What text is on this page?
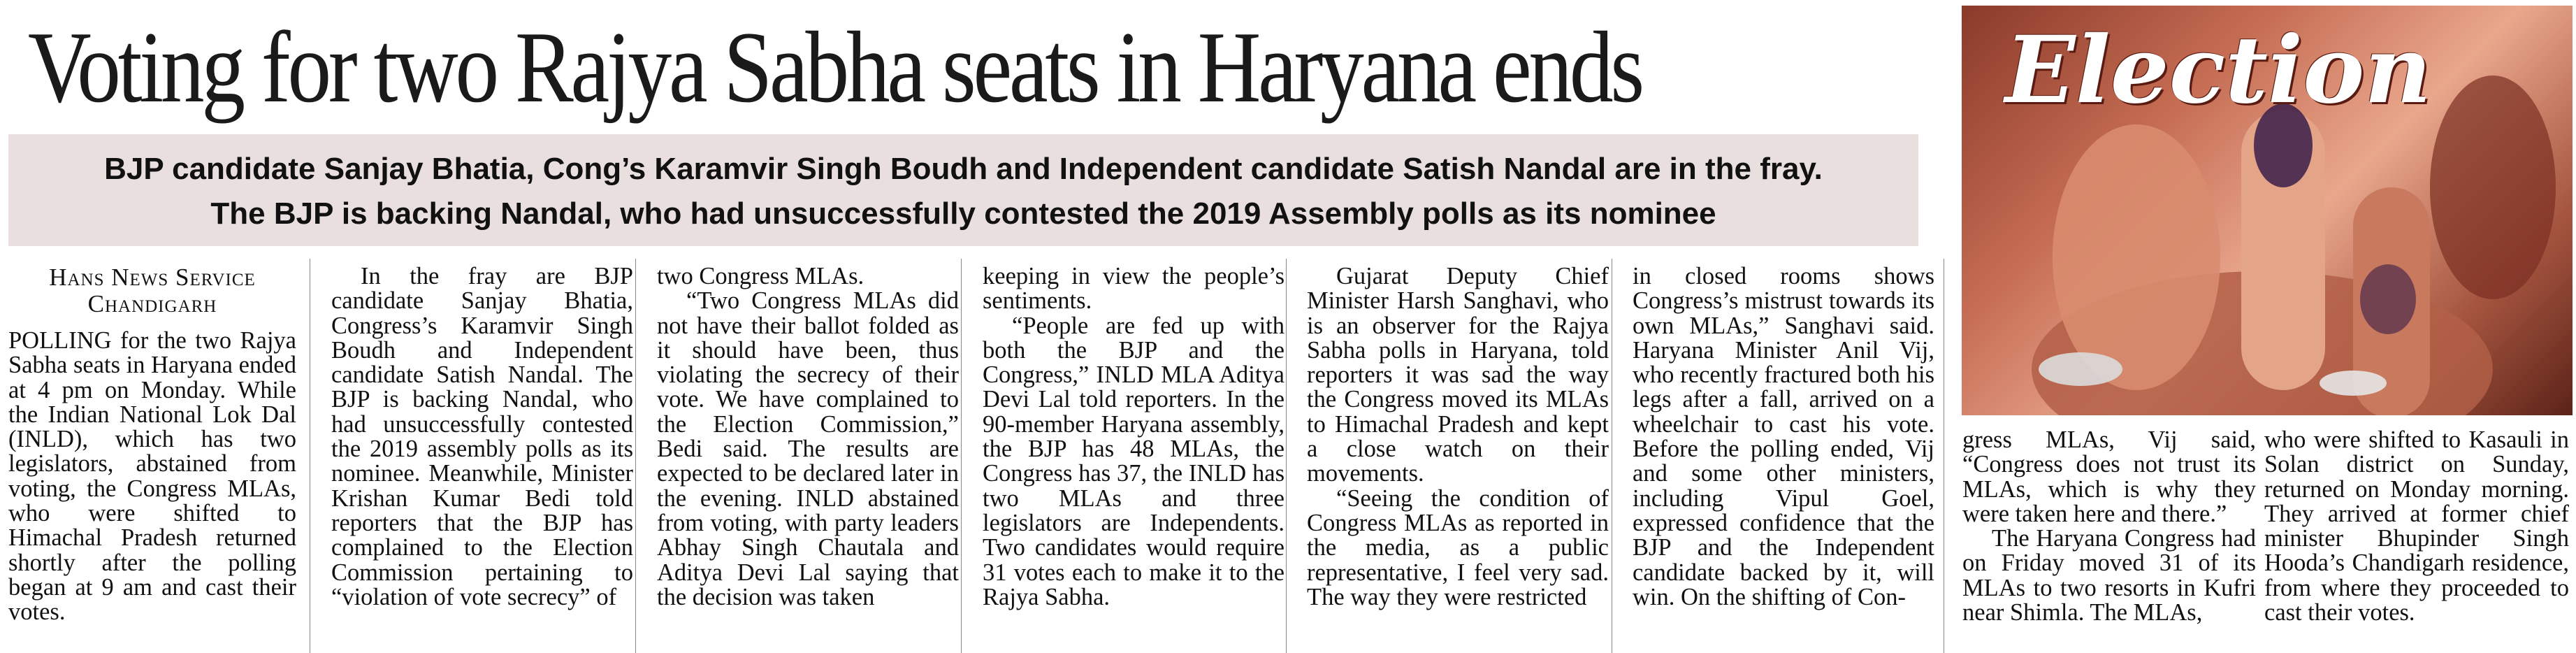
Voting for two Rajya Sabha seats in Haryana ends
BJP candidate Sanjay Bhatia, Cong’s Karamvir Singh Boudh and Independent candidate Satish Nandal are in the fray.
The BJP is backing Nandal, who had unsuccessfully contested the 2019 Assembly polls as its nominee
Election
Hans News Service
Chandigarh

POLLING for the two Rajya Sabha seats in Haryana ended at 4 pm on Monday. While the Indian National Lok Dal (INLD), which has two legislators, abstained from voting, the Congress MLAs, who were shifted to Himachal Pradesh returned shortly after the polling began at 9 am and cast their votes.

In the fray are BJP candidate Sanjay Bhatia, Congress’s Karamvir Singh Boudh and Independent candidate Satish Nandal. The BJP is backing Nandal, who had unsuccessfully contested the 2019 assembly polls as its nominee. Meanwhile, Minister Krishan Kumar Bedi told reporters that the BJP has complained to the Election Commission pertaining to “violation of vote secrecy” of

two Congress MLAs.

“Two Congress MLAs did not have their ballot folded as it should have been, thus violating the secrecy of their vote. We have complained to the Election Commission,” Bedi said. The results are expected to be declared later in the evening. INLD abstained from voting, with party leaders Abhay Singh Chautala and Aditya Devi Lal saying that the decision was taken

keeping in view the people’s sentiments.

“People are fed up with both the BJP and the Congress,” INLD MLA Aditya Devi Lal told reporters. In the 90-member Haryana assembly, the BJP has 48 MLAs, the Congress has 37, the INLD has two MLAs and three legislators are Independents. Two candidates would require 31 votes each to make it to the Rajya Sabha.

Gujarat Deputy Chief Minister Harsh Sanghavi, who is an observer for the Rajya Sabha polls in Haryana, told reporters it was sad the way the Congress moved its MLAs to Himachal Pradesh and kept a close watch on their movements.

“Seeing the condition of Congress MLAs as reported in the media, as a public representative, I feel very sad. The way they were restricted

in closed rooms shows Congress’s mistrust towards its own MLAs,” Sanghavi said. Haryana Minister Anil Vij, who recently fractured both his legs after a fall, arrived on a wheelchair to cast his vote. Before the polling ended, Vij and some other ministers, including Vipul Goel, expressed confidence that the BJP and the Independent candidate backed by it, will win. On the shifting of Con-

gress MLAs, Vij said, “Congress does not trust its MLAs, which is why they were taken here and there.”

The Haryana Congress had on Friday moved 31 of its MLAs to two resorts in Kufri near Shimla. The MLAs,

who were shifted to Kasauli in Solan district on Sunday, returned on Monday morning. They arrived at former chief minister Bhupinder Singh Hooda’s Chandigarh residence, from where they proceeded to cast their votes.
